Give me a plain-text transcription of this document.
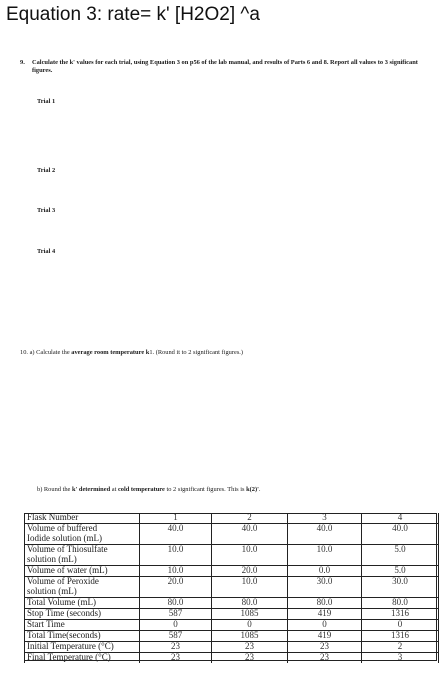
Equation 3: rate= k' [H2O2] ^a
9. Calculate the k' values for each trial, using Equation 3 on p56 of the lab manual, and results of Parts 6 and 8. Report all values to 3 significant figures.
Trial 1
Trial 2
Trial 3
Trial 4
10. a) Calculate the average room temperature k1. (Round it to 2 significant figures.)
b) Round the k' determined at cold temperature to 2 significant figures. This is k(2)'.
Flask Number	1	2	3	4
Volume of buffered	40.0	40.0	40.0	40.0
Iodide solution (mL)				
Volume of Thiosulfate	10.0	10.0	10.0	5.0
solution (mL)				
Volume of water (mL)	10.0	20.0	0.0	5.0
Volume of Peroxide	20.0	10.0	30.0	30.0
solution (mL)				
Total Volume (mL)	80.0	80.0	80.0	80.0
Stop Time (seconds)	587	1085	419	1316
Start Time	0	0	0	0
Total Time(seconds)	587	1085	419	1316
Initial Temperature (°C)	23	23	23	2
Final Temperature (°C)	23	23	23	3
